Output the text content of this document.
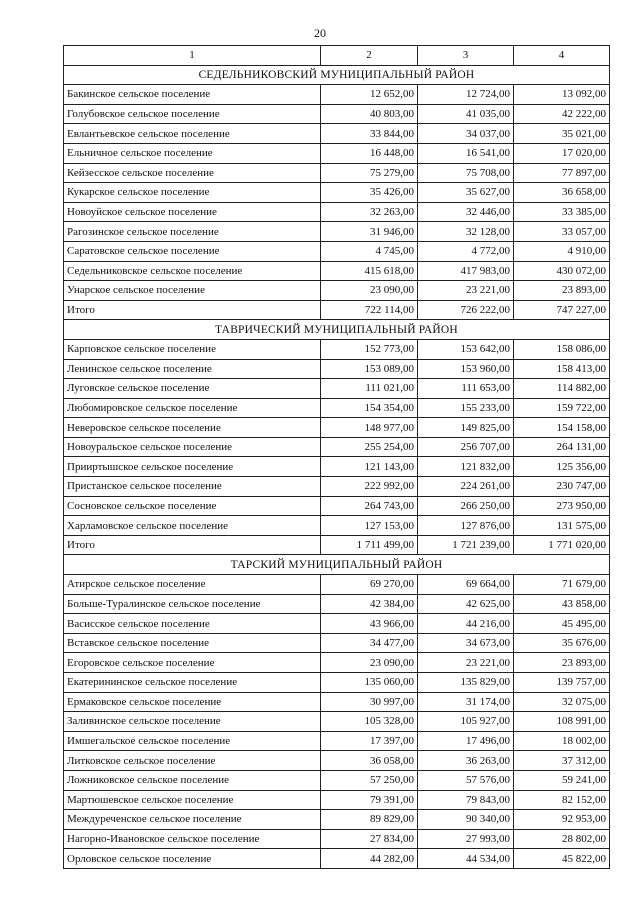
20
1	2	3	4
СЕДЕЛЬНИКОВСКИЙ МУНИЦИПАЛЬНЫЙ РАЙОН			
Бакинское сельское поселение	12 652,00	12 724,00	13 092,00
Голубовское сельское поселение	40 803,00	41 035,00	42 222,00
Евлантьевское сельское поселение	33 844,00	34 037,00	35 021,00
Ельничное сельское поселение	16 448,00	16 541,00	17 020,00
Кейзесское сельское поселение	75 279,00	75 708,00	77 897,00
Кукарское сельское поселение	35 426,00	35 627,00	36 658,00
Новоуйское сельское поселение	32 263,00	32 446,00	33 385,00
Рагозинское сельское поселение	31 946,00	32 128,00	33 057,00
Саратовское сельское поселение	4 745,00	4 772,00	4 910,00
Седельниковское сельское поселение	415 618,00	417 983,00	430 072,00
Унарское сельское поселение	23 090,00	23 221,00	23 893,00
Итого	722 114,00	726 222,00	747 227,00
ТАВРИЧЕСКИЙ МУНИЦИПАЛЬНЫЙ РАЙОН			
Карповское сельское поселение	152 773,00	153 642,00	158 086,00
Ленинское сельское поселение	153 089,00	153 960,00	158 413,00
Луговское сельское поселение	111 021,00	111 653,00	114 882,00
Любомировское сельское поселение	154 354,00	155 233,00	159 722,00
Неверовское сельское поселение	148 977,00	149 825,00	154 158,00
Новоуральское сельское поселение	255 254,00	256 707,00	264 131,00
Прииртышское сельское поселение	121 143,00	121 832,00	125 356,00
Пристанское сельское поселение	222 992,00	224 261,00	230 747,00
Сосновское сельское поселение	264 743,00	266 250,00	273 950,00
Харламовское сельское поселение	127 153,00	127 876,00	131 575,00
Итого	1 711 499,00	1 721 239,00	1 771 020,00
ТАРСКИЙ МУНИЦИПАЛЬНЫЙ РАЙОН			
Атирское сельское поселение	69 270,00	69 664,00	71 679,00
Больше-Туралинское сельское поселение	42 384,00	42 625,00	43 858,00
Васисское сельское поселение	43 966,00	44 216,00	45 495,00
Вставское сельское поселение	34 477,00	34 673,00	35 676,00
Егоровское сельское поселение	23 090,00	23 221,00	23 893,00
Екатерининское сельское поселение	135 060,00	135 829,00	139 757,00
Ермаковское сельское поселение	30 997,00	31 174,00	32 075,00
Заливинское сельское поселение	105 328,00	105 927,00	108 991,00
Имшегальское сельское поселение	17 397,00	17 496,00	18 002,00
Литковское сельское поселение	36 058,00	36 263,00	37 312,00
Ложниковское сельское поселение	57 250,00	57 576,00	59 241,00
Мартюшевское сельское поселение	79 391,00	79 843,00	82 152,00
Междуреченское сельское поселение	89 829,00	90 340,00	92 953,00
Нагорно-Ивановское сельское поселение	27 834,00	27 993,00	28 802,00
Орловское сельское поселение	44 282,00	44 534,00	45 822,00
